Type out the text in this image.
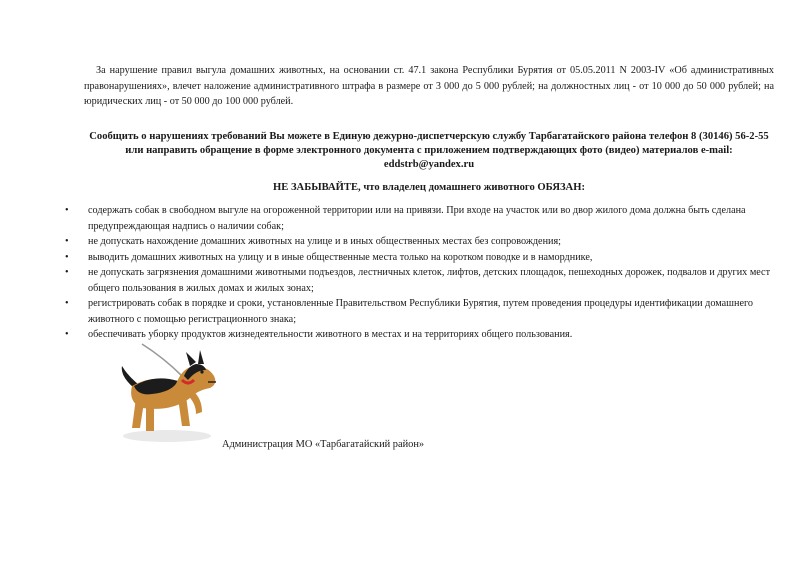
За нарушение правил выгула домашних животных, на основании ст. 47.1 закона Республики Бурятия от 05.05.2011 N 2003-IV «Об административных правонарушениях», влечет наложение административного штрафа в размере от 3 000 до 5 000 рублей; на должностных лиц - от 10 000 до 50 000 рублей; на юридических лиц - от 50 000 до 100 000 рублей.

Сообщить о нарушениях требований Вы можете в Единую дежурно-диспетчерскую службу Тарбагатайского района телефон 8 (30146) 56-2-55 или направить обращение в форме электронного документа с приложением подтверждающих фото (видео) материалов e-mail: eddstrb@yandex.ru

НЕ ЗАБЫВАЙТЕ, что владелец домашнего животного ОБЯЗАН:

• содержать собак в свободном выгуле на огороженной территории или на привязи. При входе на участок или во двор жилого дома должна быть сделана предупреждающая надпись о наличии собак;
• не допускать нахождение домашних животных на улице и в иных общественных местах без сопровождения;
• выводить домашних животных на улицу и в иные общественные места только на коротком поводке и в наморднике,
• не допускать загрязнения домашними животными подъездов, лестничных клеток, лифтов, детских площадок, пешеходных дорожек, подвалов и других мест общего пользования в жилых домах и жилых зонах;
• регистрировать собак в порядке и сроки, установленные Правительством Республики Бурятия, путем проведения процедуры идентификации домашнего животного с помощью регистрационного знака;
• обеспечивать уборку продуктов жизнедеятельности животного в местах и на территориях общего пользования.

Администрация МО «Тарбагатайский район»
